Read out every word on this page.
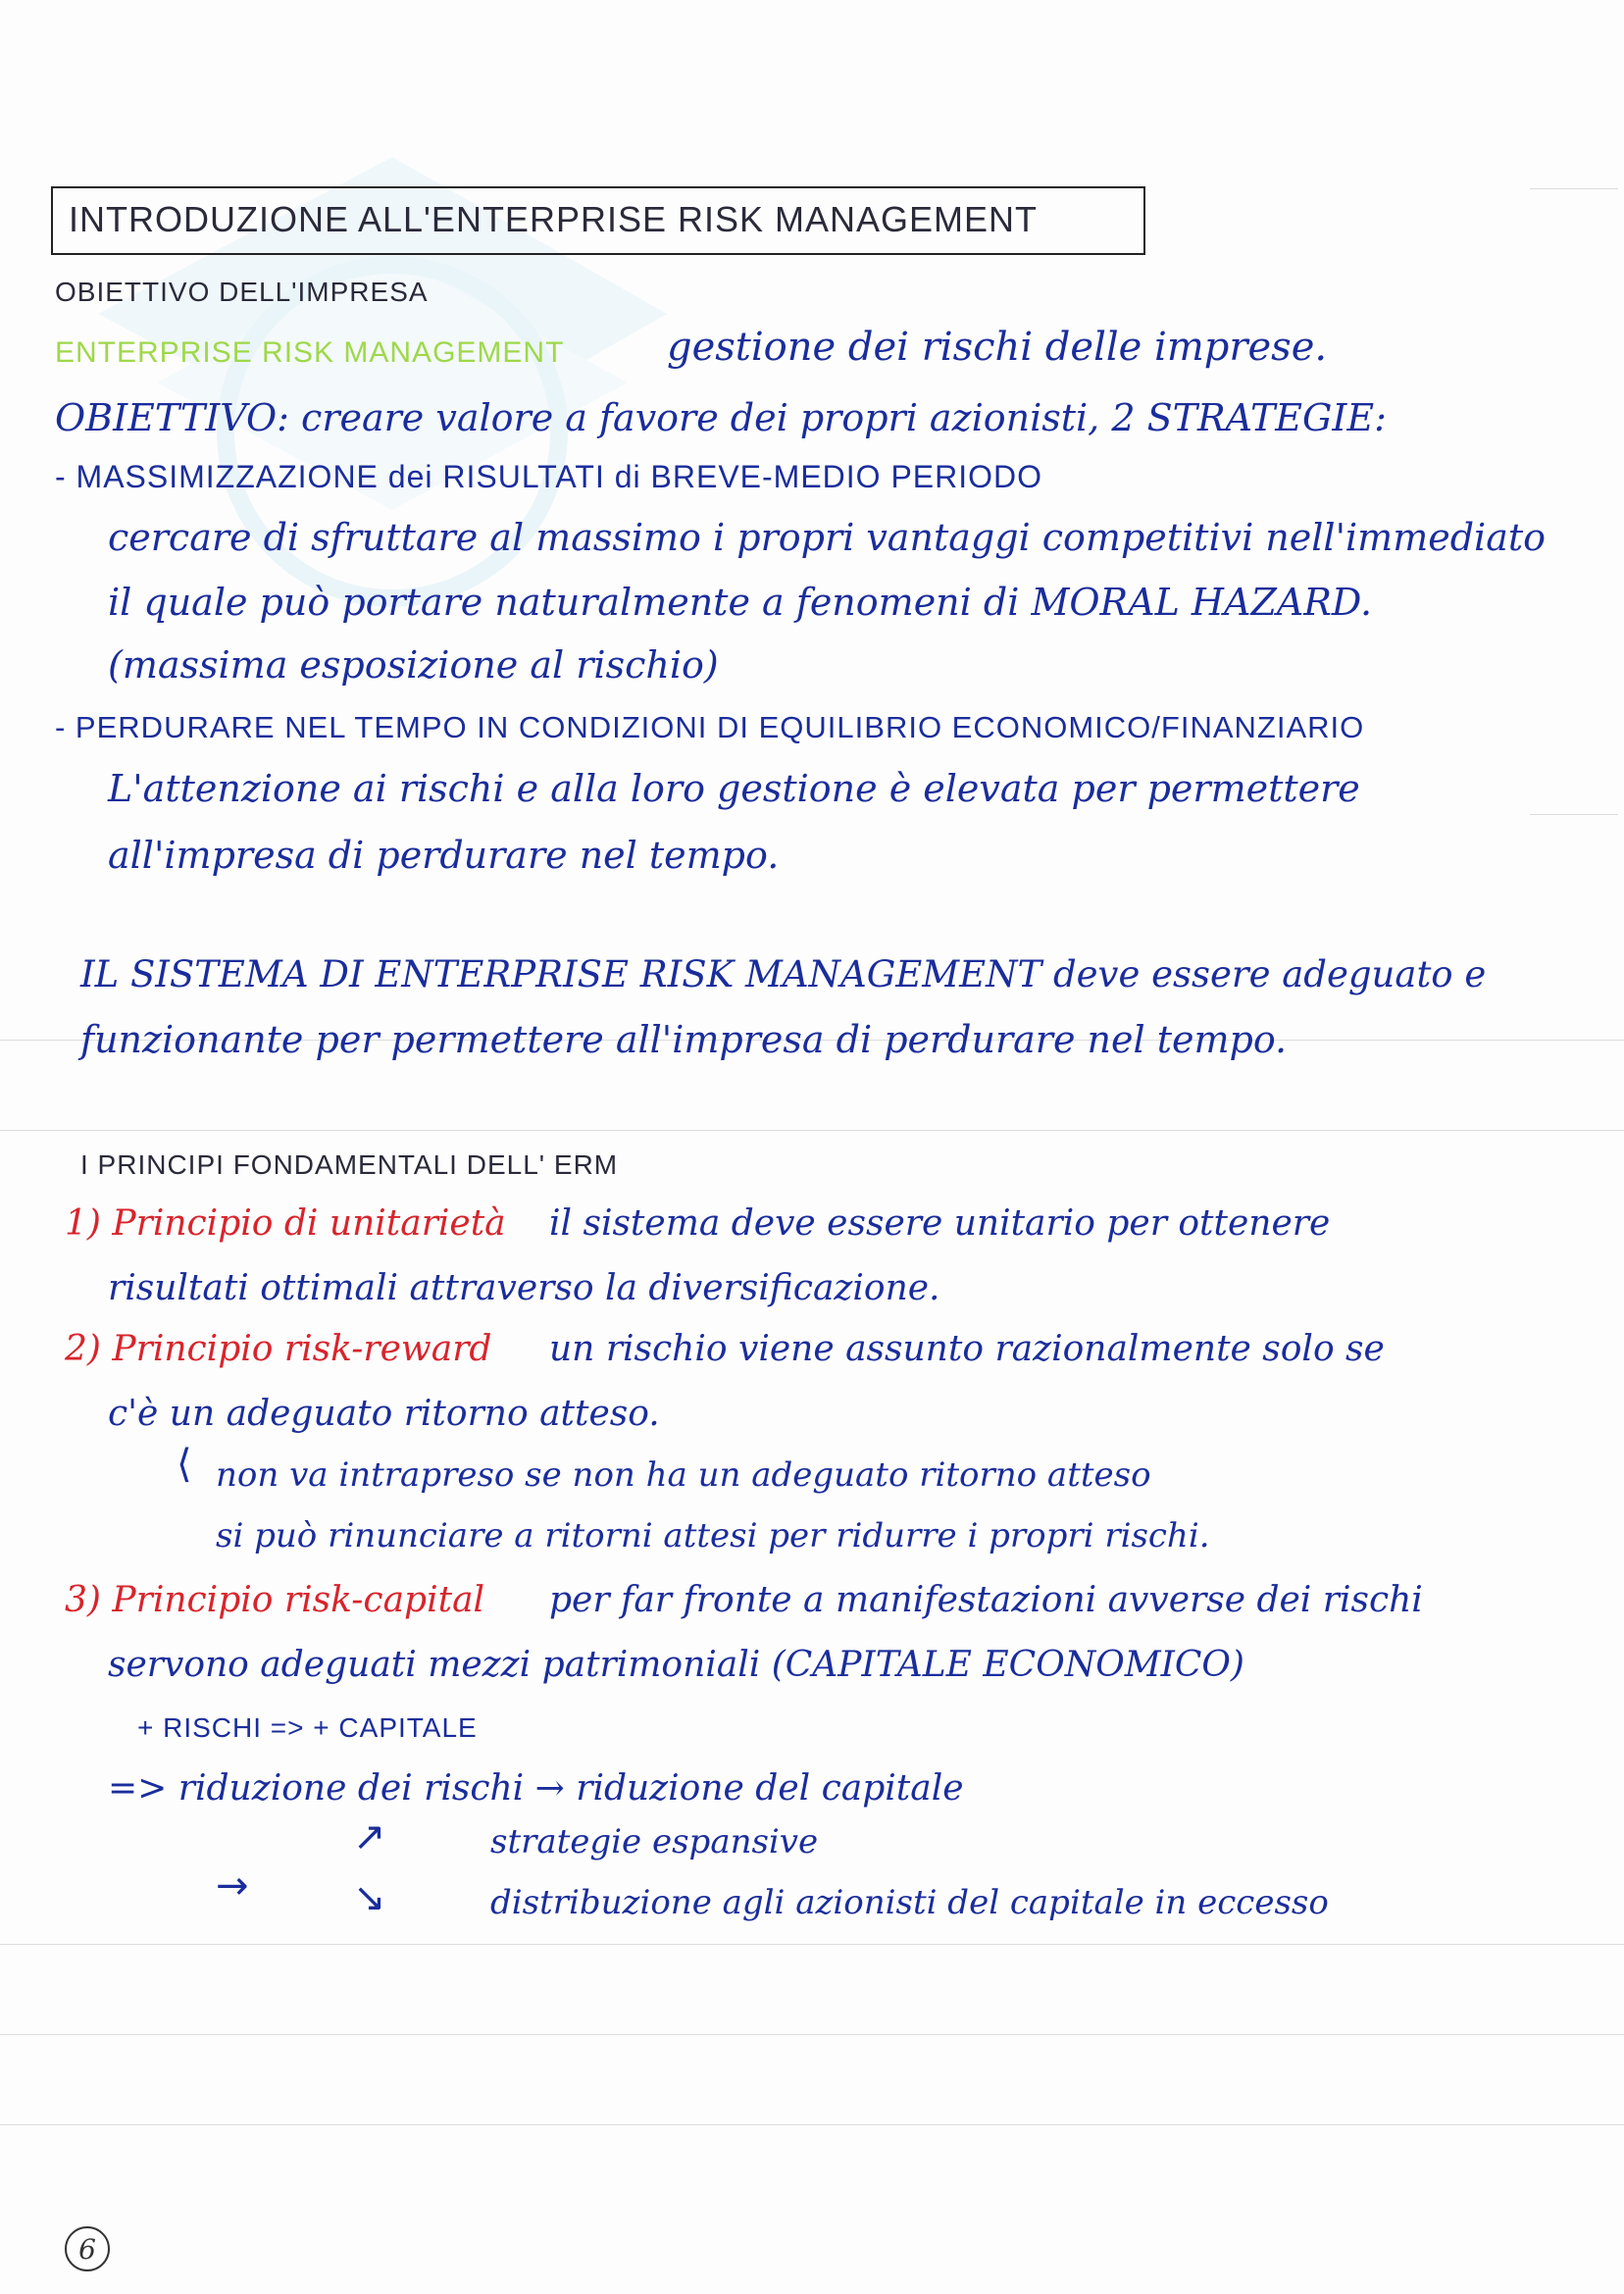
INTRODUZIONE ALL'ENTERPRISE RISK MANAGEMENT
OBIETTIVO DELL'IMPRESA
ENTERPRISE RISK MANAGEMENT	gestione dei rischi delle imprese.
OBIETTIVO: creare valore a favore dei propri azionisti, 2 STRATEGIE:
- MASSIMIZZAZIONE dei RISULTATI di BREVE-MEDIO PERIODO
cercare di sfruttare al massimo i propri vantaggi competitivi nell'immediato
il quale può portare naturalmente a fenomeni di MORAL HAZARD.
(massima esposizione al rischio)
- PERDURARE NEL TEMPO IN CONDIZIONI DI EQUILIBRIO ECONOMICO/FINANZIARIO
L'attenzione ai rischi e alla loro gestione è elevata per permettere
all'impresa di perdurare nel tempo.
IL SISTEMA DI ENTERPRISE RISK MANAGEMENT deve essere adeguato e
funzionante per permettere all'impresa di perdurare nel tempo.
I PRINCIPI FONDAMENTALI DELL' ERM
1) Principio di unitarietà il sistema deve essere unitario per ottenere
risultati ottimali attraverso la diversificazione.
2) Principio risk-reward un rischio viene assunto razionalmente solo se
c'è un adeguato ritorno atteso.
⟨ non va intrapreso se non ha un adeguato ritorno atteso
si può rinunciare a ritorni attesi per ridurre i propri rischi.
3) Principio risk-capital per far fronte a manifestazioni avverse dei rischi
servono adeguati mezzi patrimoniali (CAPITALE ECONOMICO)
+ RISCHI => + CAPITALE
=> riduzione dei rischi → riduzione del capitale
↗	strategie espansive
→	↘	distribuzione agli azionisti del capitale in eccesso
6
